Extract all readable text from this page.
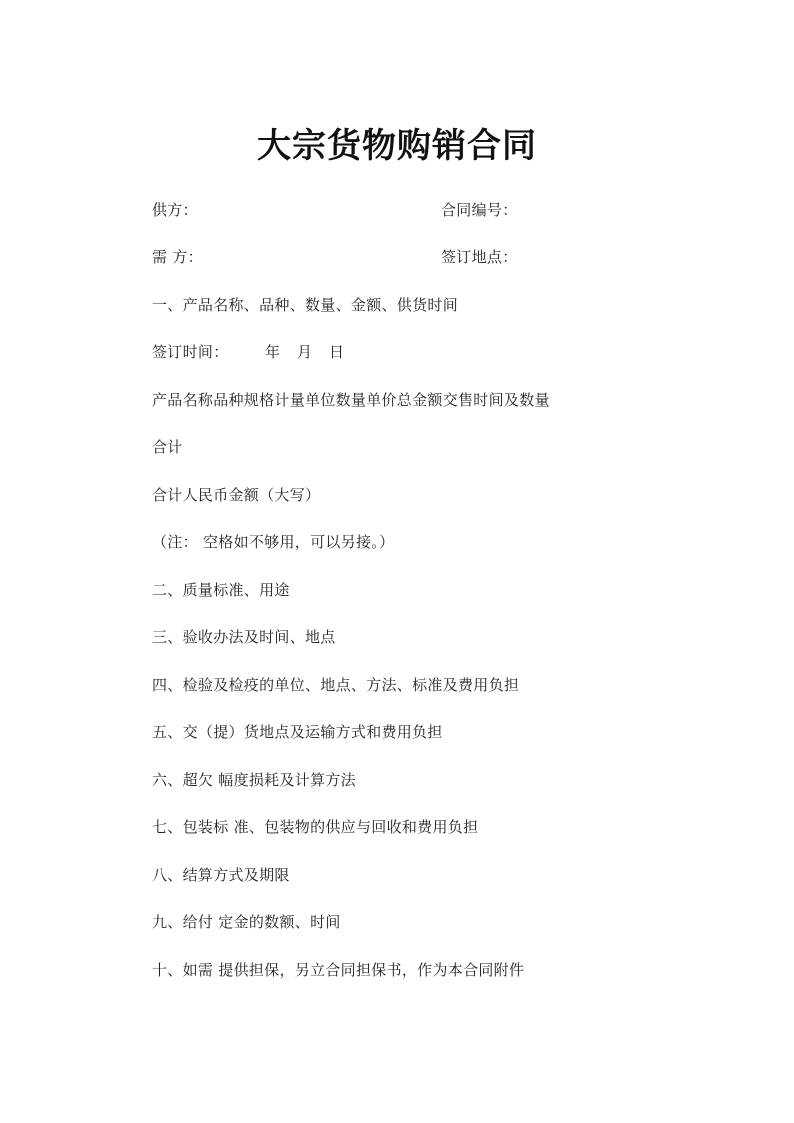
大宗货物购销合同
供方：	合同编号：
需 方：	签订地点：
一、产品名称、品种、数量、金额、供货时间
签订时间： 年 月 日
产品名称品种规格计量单位数量单价总金额交售时间及数量
合计
合计人民币金额（大写）
（注： 空格如不够用，可以另接。）
二、质量标准、用途
三、验收办法及时间、地点
四、检验及检疫的单位、地点、方法、标准及费用负担
五、交（提）货地点及运输方式和费用负担
六、超欠 幅度损耗及计算方法
七、包装标 准、包装物的供应与回收和费用负担
八、结算方式及期限
九、给付 定金的数额、时间
十、如需 提供担保，另立合同担保书，作为本合同附件
